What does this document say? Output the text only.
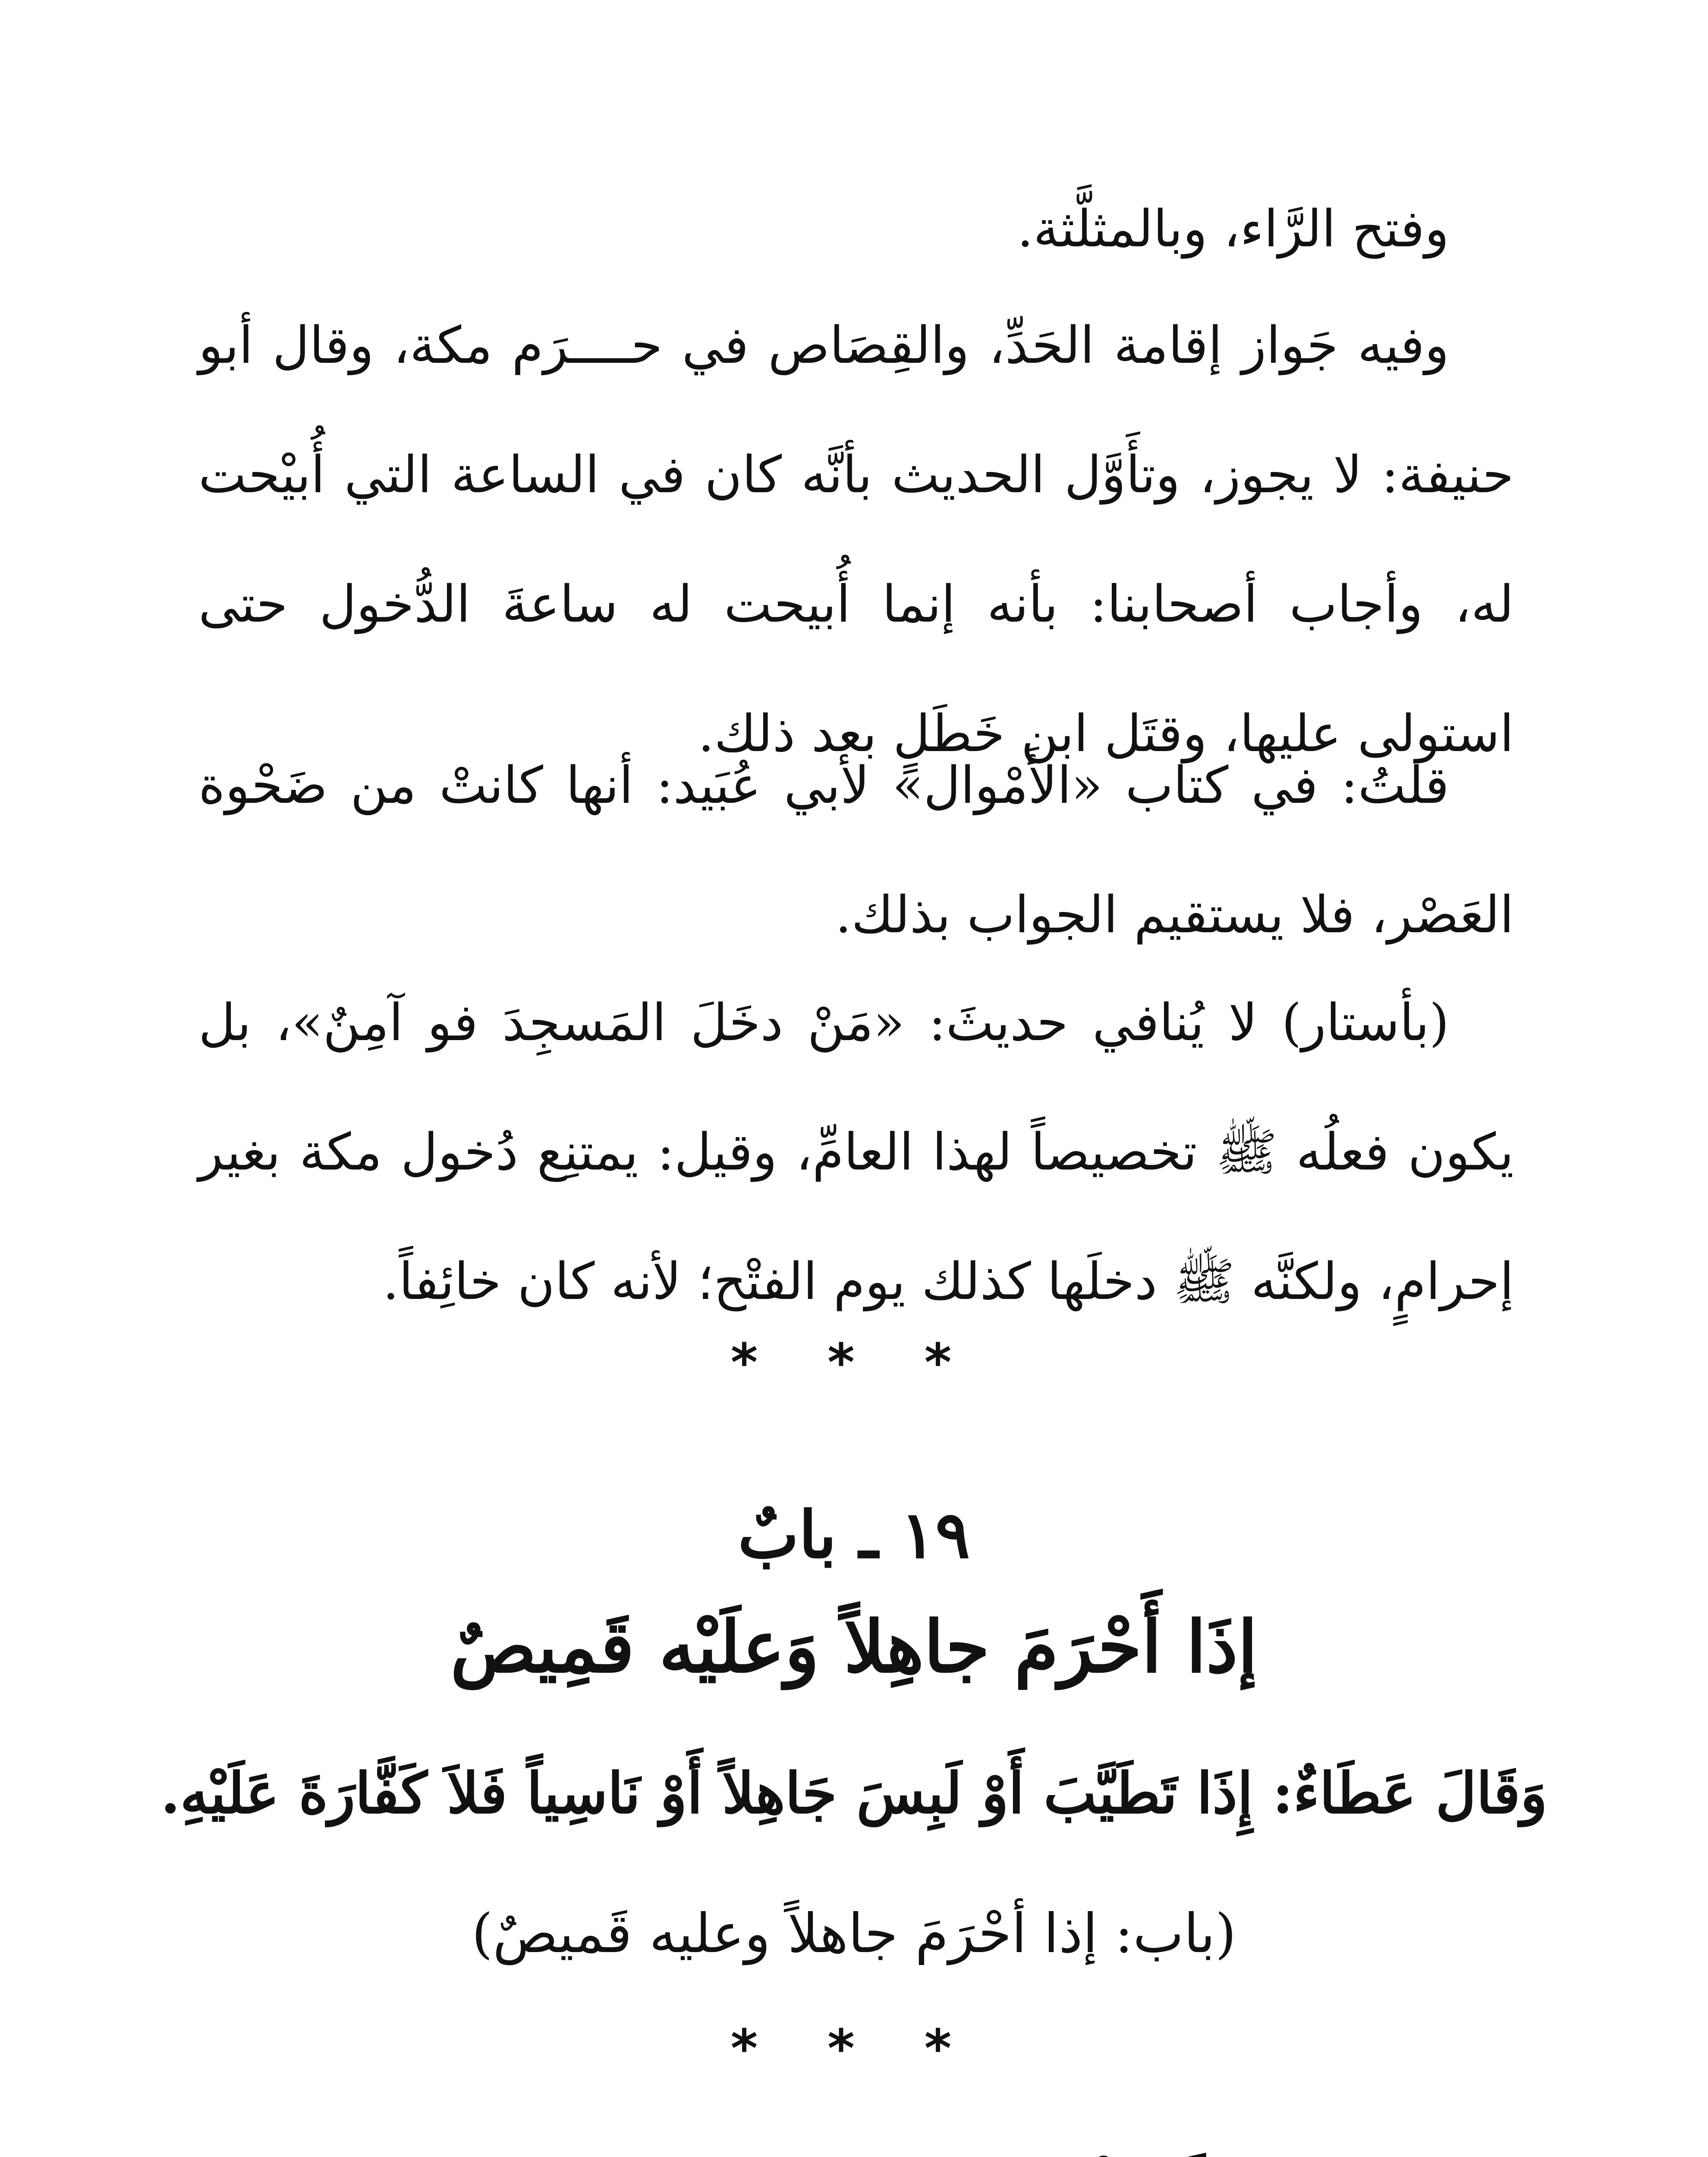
وفتح الرَّاء، وبالمثلَّثة.

وفيه جَواز إقامة الحَدِّ، والقِصَاص في حــــرَم مكة، وقال أبو حنيفة: لا يجوز، وتأَوَّل الحديث بأنَّه كان في الساعة التي أُبيْحت له، وأجاب أصحابنا: بأنه إنما أُبيحت له ساعةَ الدُّخول حتى استولى عليها، وقتَل ابن خَطَلٍ بعد ذلك.

قلتُ: في كتاب «الأَمْوال» لأبي عُبَيد: أنها كانتْ من ضَحْوة العَصْر، فلا يستقيم الجواب بذلك.

(بأستار) لا يُنافي حديثَ: «مَنْ دخَلَ المَسجِدَ فو آمِنٌ»، بل يكون فعلُه ﷺ تخصيصاً لهذا العامِّ، وقيل: يمتنِع دُخول مكة بغير إحرامٍ، ولكنَّه ﷺ دخلَها كذلك يوم الفتْح؛ لأنه كان خائِفاً.

* * *

١٩ ـ بابٌ

إذَا أَحْرَمَ جاهِلاً وَعلَيْه قَمِيصٌ

وَقَالَ عَطَاءٌ: إِذَا تَطَيَّبَ أَوْ لَبِسَ جَاهِلاً أَوْ نَاسِياً فَلاَ كَفَّارَةَ عَلَيْهِ.

(باب: إذا أحْرَمَ جاهلاً وعليه قَميصٌ)

* * *
